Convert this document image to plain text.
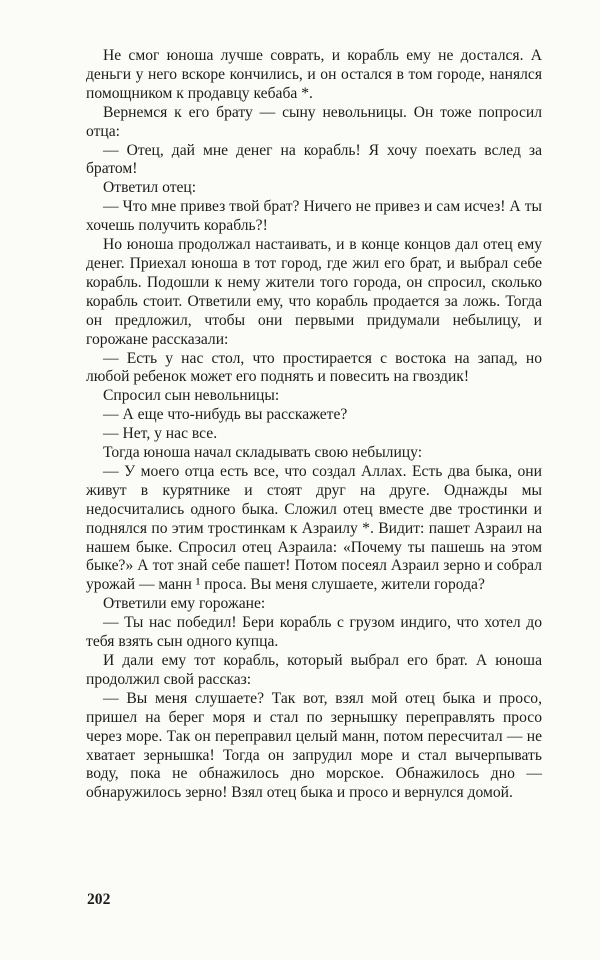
Не смог юноша лучше соврать, и корабль ему не достался. А деньги у него вскоре кончились, и он остался в том городе, нанялся помощником к продавцу кебаба *.

Вернемся к его брату — сыну невольницы. Он тоже попросил отца:

— Отец, дай мне денег на корабль! Я хочу поехать вслед за братом!

Ответил отец:

— Что мне привез твой брат? Ничего не привез и сам исчез! А ты хочешь получить корабль?!

Но юноша продолжал настаивать, и в конце концов дал отец ему денег. Приехал юноша в тот город, где жил его брат, и выбрал себе корабль. Подошли к нему жители того города, он спросил, сколько корабль стоит. Ответили ему, что корабль продается за ложь. Тогда он предложил, чтобы они первыми придумали небылицу, и горожане рассказали:

— Есть у нас стол, что простирается с востока на запад, но любой ребенок может его поднять и повесить на гвоздик!

Спросил сын невольницы:

— А еще что-нибудь вы расскажете?

— Нет, у нас все.

Тогда юноша начал складывать свою небылицу:

— У моего отца есть все, что создал Аллах. Есть два быка, они живут в курятнике и стоят друг на друге. Однажды мы недосчитались одного быка. Сложил отец вместе две тростинки и поднялся по этим тростинкам к Азраилу *. Видит: пашет Азраил на нашем быке. Спросил отец Азраила: «Почему ты пашешь на этом быке?» А тот знай себе пашет! Потом посеял Азраил зерно и собрал урожай — манн ¹ проса. Вы меня слушаете, жители города?

Ответили ему горожане:

— Ты нас победил! Бери корабль с грузом индиго, что хотел до тебя взять сын одного купца.

И дали ему тот корабль, который выбрал его брат. А юноша продолжил свой рассказ:

— Вы меня слушаете? Так вот, взял мой отец быка и просо, пришел на берег моря и стал по зернышку переправлять просо через море. Так он переправил целый манн, потом пересчитал — не хватает зернышка! Тогда он запрудил море и стал вычерпывать воду, пока не обнажилось дно морское. Обнажилось дно — обнаружилось зерно! Взял отец быка и просо и вернулся домой.

202
